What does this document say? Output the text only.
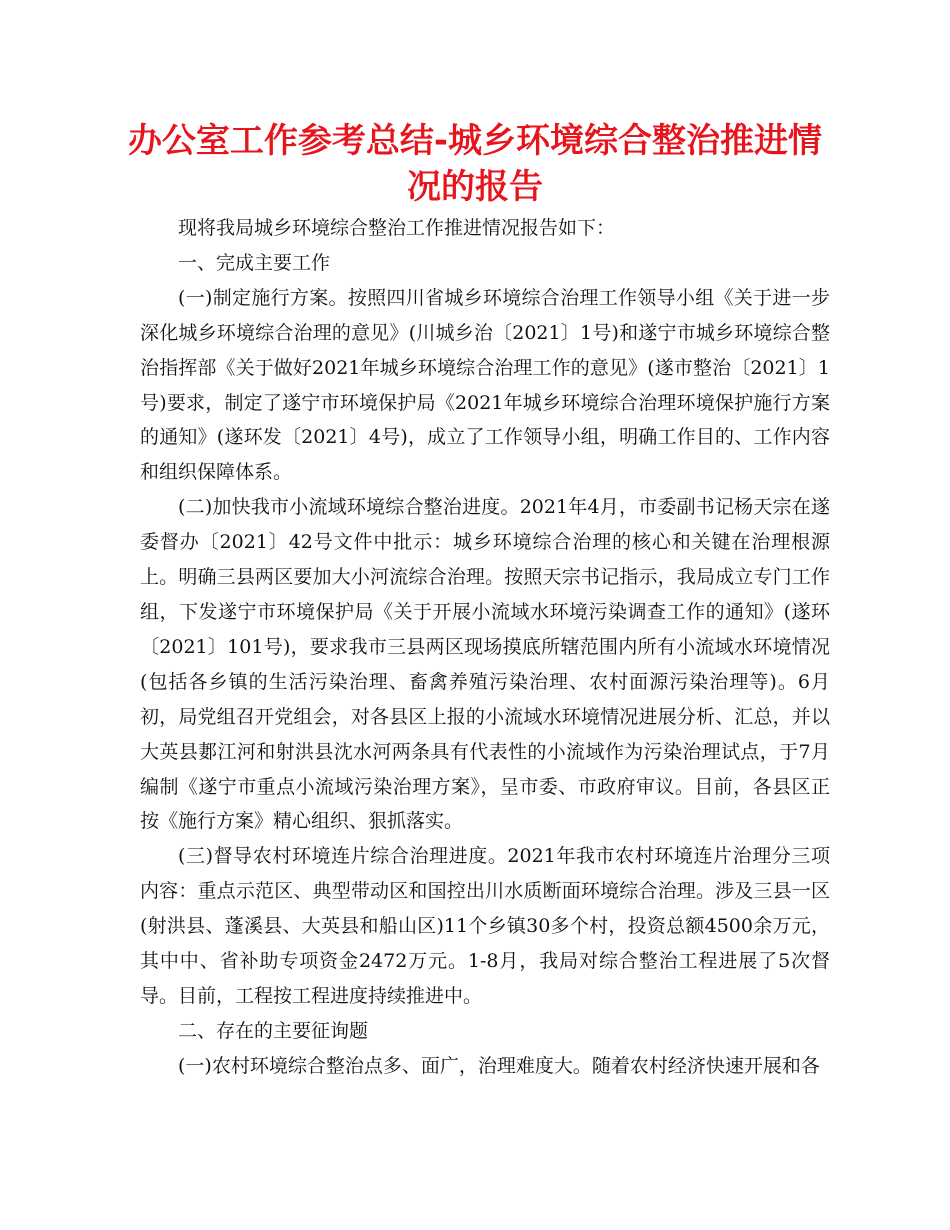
办公室工作参考总结-城乡环境综合整治推进情况的报告

现将我局城乡环境综合整治工作推进情况报告如下：

一、完成主要工作

(一)制定施行方案。按照四川省城乡环境综合治理工作领导小组《关于进一步深化城乡环境综合治理的意见》(川城乡治〔2021〕1号)和遂宁市城乡环境综合整治指挥部《关于做好2021年城乡环境综合治理工作的意见》(遂市整治〔2021〕1号)要求，制定了遂宁市环境保护局《2021年城乡环境综合治理环境保护施行方案的通知》(遂环发〔2021〕4号)，成立了工作领导小组，明确工作目的、工作内容和组织保障体系。

(二)加快我市小流域环境综合整治进度。2021年4月，市委副书记杨天宗在遂委督办〔2021〕42号文件中批示：城乡环境综合治理的核心和关键在治理根源上。明确三县两区要加大小河流综合治理。按照天宗书记指示，我局成立专门工作组，下发遂宁市环境保护局《关于开展小流域水环境污染调查工作的通知》(遂环〔2021〕101号)，要求我市三县两区现场摸底所辖范围内所有小流域水环境情况(包括各乡镇的生活污染治理、畜禽养殖污染治理、农村面源污染治理等)。6月初，局党组召开党组会，对各县区上报的小流域水环境情况进展分析、汇总，并以大英县郪江河和射洪县沈水河两条具有代表性的小流域作为污染治理试点，于7月编制《遂宁市重点小流域污染治理方案》，呈市委、市政府审议。目前，各县区正按《施行方案》精心组织、狠抓落实。

(三)督导农村环境连片综合治理进度。2021年我市农村环境连片治理分三项内容：重点示范区、典型带动区和国控出川水质断面环境综合治理。涉及三县一区(射洪县、蓬溪县、大英县和船山区)11个乡镇30多个村，投资总额4500余万元，其中中、省补助专项资金2472万元。1-8月，我局对综合整治工程进展了5次督导。目前，工程按工程进度持续推进中。

二、存在的主要征询题

(一)农村环境综合整治点多、面广，治理难度大。随着农村经济快速开展和各
